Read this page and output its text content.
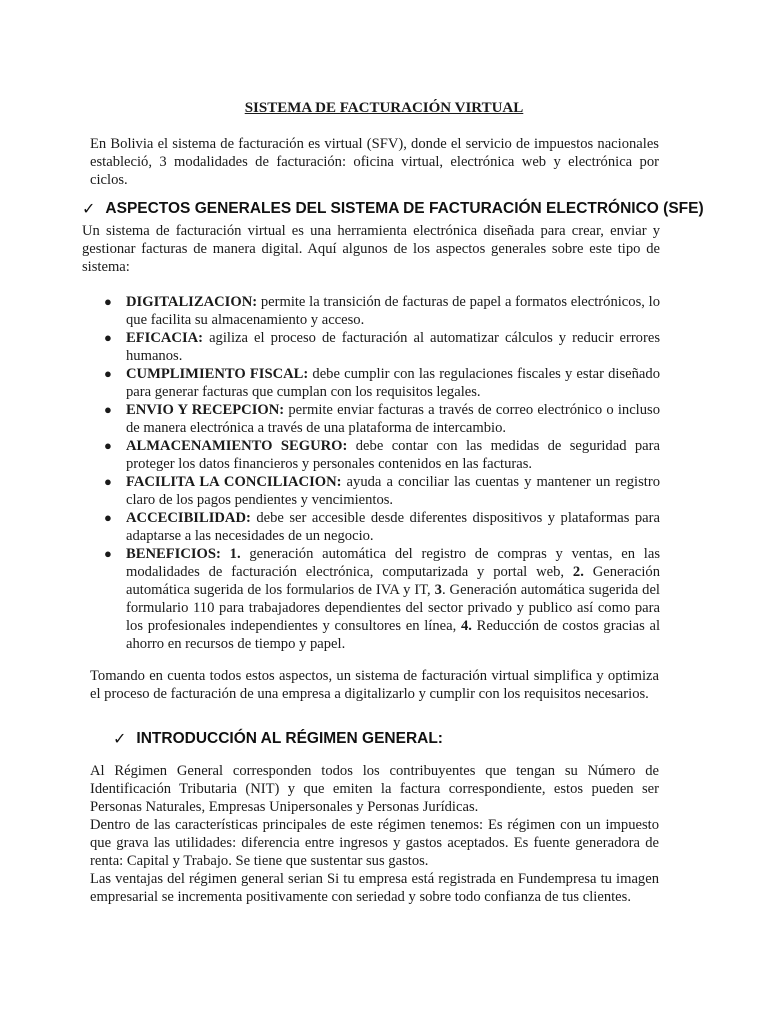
SISTEMA DE FACTURACIÓN VIRTUAL

En Bolivia el sistema de facturación es virtual (SFV), donde el servicio de impuestos nacionales estableció, 3 modalidades de facturación: oficina virtual, electrónica web y electrónica por ciclos.

✓ ASPECTOS GENERALES DEL SISTEMA DE FACTURACIÓN ELECTRÓNICO (SFE)

Un sistema de facturación virtual es una herramienta electrónica diseñada para crear, enviar y gestionar facturas de manera digital. Aquí algunos de los aspectos generales sobre este tipo de sistema:

● DIGITALIZACION: permite la transición de facturas de papel a formatos electrónicos, lo que facilita su almacenamiento y acceso.
● EFICACIA: agiliza el proceso de facturación al automatizar cálculos y reducir errores humanos.
● CUMPLIMIENTO FISCAL: debe cumplir con las regulaciones fiscales y estar diseñado para generar facturas que cumplan con los requisitos legales.
● ENVIO Y RECEPCION: permite enviar facturas a través de correo electrónico o incluso de manera electrónica a través de una plataforma de intercambio.
● ALMACENAMIENTO SEGURO: debe contar con las medidas de seguridad para proteger los datos financieros y personales contenidos en las facturas.
● FACILITA LA CONCILIACION: ayuda a conciliar las cuentas y mantener un registro claro de los pagos pendientes y vencimientos.
● ACCECIBILIDAD: debe ser accesible desde diferentes dispositivos y plataformas para adaptarse a las necesidades de un negocio.
● BENEFICIOS: 1. generación automática del registro de compras y ventas, en las modalidades de facturación electrónica, computarizada y portal web, 2. Generación automática sugerida de los formularios de IVA y IT, 3. Generación automática sugerida del formulario 110 para trabajadores dependientes del sector privado y publico así como para los profesionales independientes y consultores en línea, 4. Reducción de costos gracias al ahorro en recursos de tiempo y papel.

Tomando en cuenta todos estos aspectos, un sistema de facturación virtual simplifica y optimiza el proceso de facturación de una empresa a digitalizarlo y cumplir con los requisitos necesarios.

✓ INTRODUCCIÓN AL RÉGIMEN GENERAL:

Al Régimen General corresponden todos los contribuyentes que tengan su Número de Identificación Tributaria (NIT) y que emiten la factura correspondiente, estos pueden ser Personas Naturales, Empresas Unipersonales y Personas Jurídicas.
Dentro de las características principales de este régimen tenemos: Es régimen con un impuesto que grava las utilidades: diferencia entre ingresos y gastos aceptados. Es fuente generadora de renta: Capital y Trabajo. Se tiene que sustentar sus gastos.
Las ventajas del régimen general serian Si tu empresa está registrada en Fundempresa tu imagen empresarial se incrementa positivamente con seriedad y sobre todo confianza de tus clientes.
